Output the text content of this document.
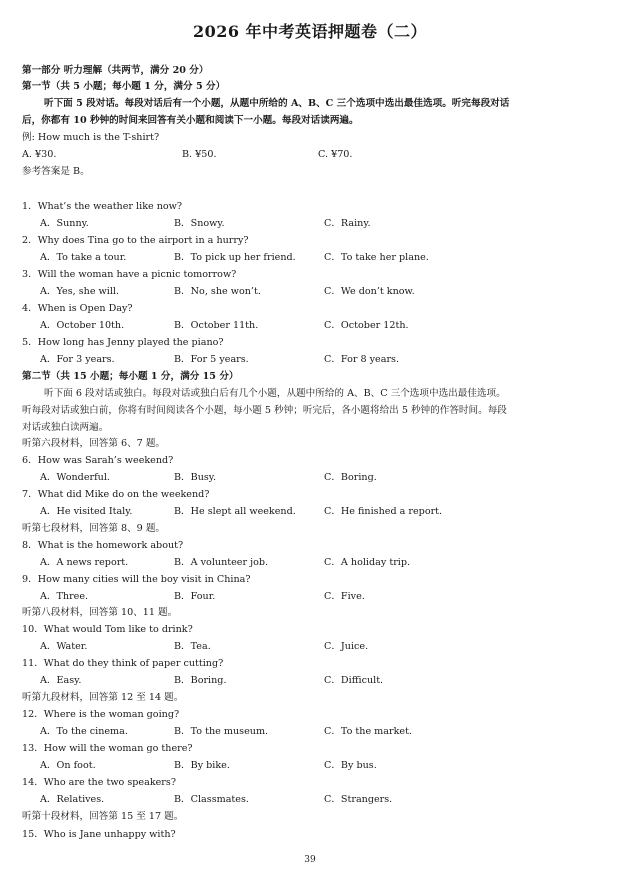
2026 年中考英语押题卷（二）
第一部分 听力理解（共两节，满分 20 分）
第一节（共 5 小题；每小题 1 分，满分 5 分）
听下面 5 段对话。每段对话后有一个小题，从题中所给的 A、B、C 三个选项中选出最佳选项。听完每段对话
后，你都有 10 秒钟的时间来回答有关小题和阅读下一小题。每段对话读两遍。
例: How much is the T-shirt?
A. ¥30.	B. ¥50.	C. ¥70.
参考答案是 B。
1．What’s the weather like now?
A．Sunny.	B．Snowy.	C．Rainy.
2．Why does Tina go to the airport in a hurry?
A．To take a tour.	B．To pick up her friend.	C．To take her plane.
3．Will the woman have a picnic tomorrow?
A．Yes, she will.	B．No, she won’t.	C．We don’t know.
4．When is Open Day?
A．October 10th.	B．October 11th.	C．October 12th.
5．How long has Jenny played the piano?
A．For 3 years.	B．For 5 years.	C．For 8 years.
第二节（共 15 小题；每小题 1 分，满分 15 分）
听下面 6 段对话或独白。每段对话或独白后有几个小题，从题中所给的 A、B、C 三个选项中选出最佳选项。
听每段对话或独白前，你将有时间阅读各个小题，每小题 5 秒钟；听完后，各小题将给出 5 秒钟的作答时间。每段
对话或独白读两遍。
听第六段材料，回答第 6、7 题。
6．How was Sarah’s weekend?
A．Wonderful.	B．Busy.	C．Boring.
7．What did Mike do on the weekend?
A．He visited Italy.	B．He slept all weekend.	C．He finished a report.
听第七段材料，回答第 8、9 题。
8．What is the homework about?
A．A news report.	B．A volunteer job.	C．A holiday trip.
9．How many cities will the boy visit in China?
A．Three.	B．Four.	C．Five.
听第八段材料，回答第 10、11 题。
10．What would Tom like to drink?
A．Water.	B．Tea.	C．Juice.
11．What do they think of paper cutting?
A．Easy.	B．Boring.	C．Difficult.
听第九段材料，回答第 12 至 14 题。
12．Where is the woman going?
A．To the cinema.	B．To the museum.	C．To the market.
13．How will the woman go there?
A．On foot.	B．By bike.	C．By bus.
14．Who are the two speakers?
A．Relatives.	B．Classmates.	C．Strangers.
听第十段材料，回答第 15 至 17 题。
15．Who is Jane unhappy with?
39
